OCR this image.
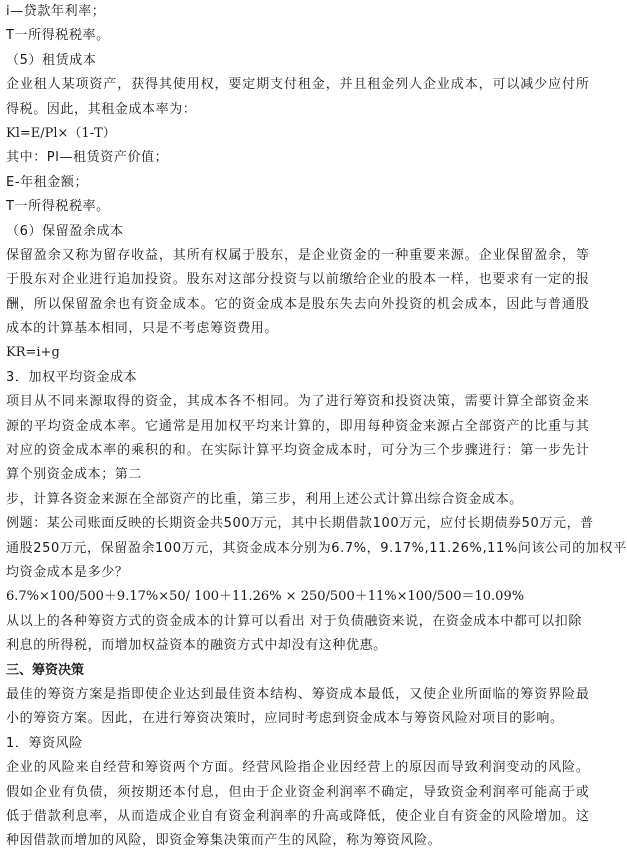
i—贷款年利率；
T一所得税税率。
（5）租赁成本
企业租人某项资产，获得其使用权，要定期支付租金，并且租金列人企业成本，可以减少应付所
得税。因此，其租金成本率为：
Kl=E/Pl×（1-T）
其中：Pl—租赁资产价值；
E-年租金额；
T一所得税税率。
（6）保留盈余成本
保留盈余又称为留存收益，其所有权属于股东，是企业资金的一种重要来源。企业保留盈余，等
于股东对企业进行追加投资。股东对这部分投资与以前缴给企业的股本一样，也要求有一定的报
酬，所以保留盈余也有资金成本。它的资金成本是股东失去向外投资的机会成本，因此与普通股
成本的计算基本相同，只是不考虑筹资费用。
KR=i+g
3．加权平均资金成本
项目从不同来源取得的资金，其成本各不相同。为了进行筹资和投资决策，需要计算全部资金来
源的平均资金成本率。它通常是用加权平均来计算的，即用每种资金来源占全部资产的比重与其
对应的资金成本率的乘积的和。在实际计算平均资金成本时，可分为三个步骤进行：第一步先计
算个别资金成本；第二
步，计算各资金来源在全部资产的比重，第三步，利用上述公式计算出综合资金成本。
例题：某公司账面反映的长期资金共500万元，其中长期借款100万元，应付长期债券50万元，普
通股250万元，保留盈余100万元，其资金成本分别为6.7%，9.17%,11.26%,11%问该公司的加权平
均资金成本是多少？
6.7%×100/500＋9.17%×50/ 100＋11.26% × 250/500＋11%×100/500＝10.09%
从以上的各种筹资方式的资金成本的计算可以看出 对于负债融资来说，在资金成本中都可以扣除
利息的所得税，而增加权益资本的融资方式中却没有这种优惠。
三、筹资决策
最佳的筹资方案是指即使企业达到最佳资本结构、筹资成本最低，又使企业所面临的筹资界险最
小的筹资方案。因此，在进行筹资决策时，应同时考虑到资金成本与筹资风险对项目的影响。
1．筹资风险
企业的风险来自经营和筹资两个方面。经营风险指企业因经营上的原因而导致利润变动的风险。
假如企业有负债，须按期还本付息，但由于企业资金利润率不确定，导致资金利润率可能高于或
低于借款利息率，从而造成企业自有资金利润率的升高或降低，使企业自有资金的风险增加。这
种因借款而增加的风险，即资金筹集决策而产生的风险，称为筹资风险。
